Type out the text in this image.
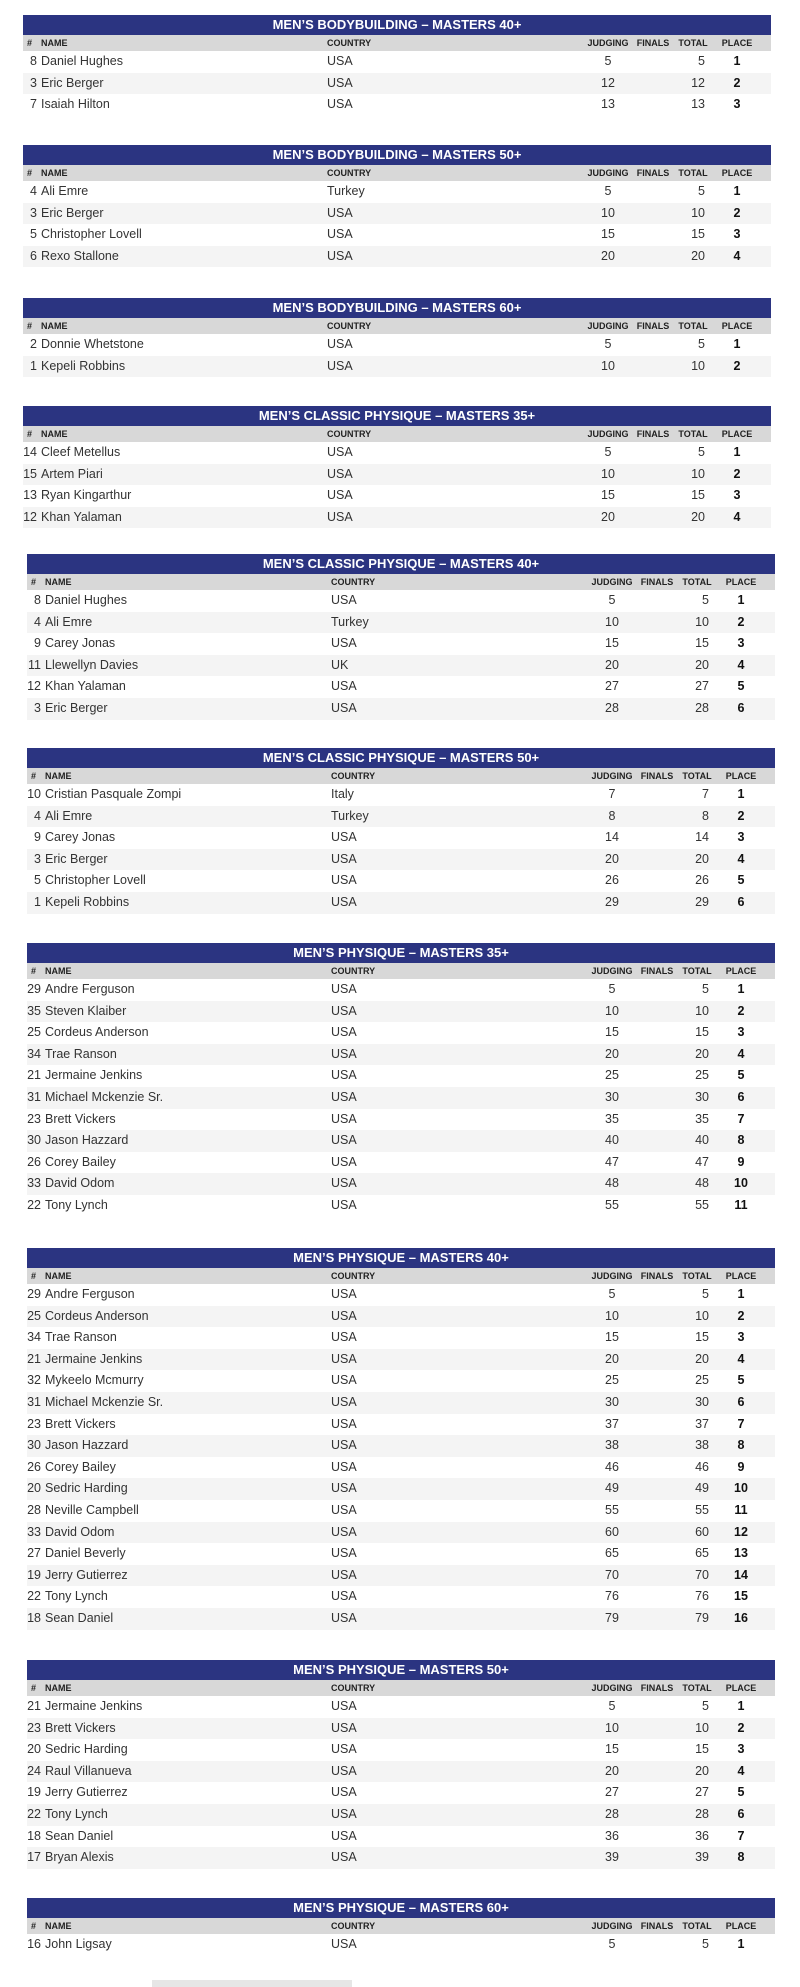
MEN’S BODYBUILDING – MASTERS 40+
# NAME	COUNTRY	JUDGING FINALS	TOTAL	PLACE
8 Daniel Hughes	USA	5	5	1
3 Eric Berger	USA	12	12	2
7 Isaiah Hilton	USA	13	13	3
MEN’S BODYBUILDING – MASTERS 50+
# NAME	COUNTRY	JUDGING FINALS	TOTAL	PLACE
4 Ali Emre	Turkey	5	5	1
3 Eric Berger	USA	10	10	2
5 Christopher Lovell	USA	15	15	3
6 Rexo Stallone	USA	20	20	4
MEN’S BODYBUILDING – MASTERS 60+
# NAME	COUNTRY	JUDGING FINALS	TOTAL	PLACE
2 Donnie Whetstone	USA	5	5	1
1 Kepeli Robbins	USA	10	10	2
MEN’S CLASSIC PHYSIQUE – MASTERS 35+
# NAME	COUNTRY	JUDGING FINALS	TOTAL	PLACE
14 Cleef Metellus	USA	5	5	1
15 Artem Piari	USA	10	10	2
13 Ryan Kingarthur	USA	15	15	3
12 Khan Yalaman	USA	20	20	4
MEN’S CLASSIC PHYSIQUE – MASTERS 40+
# NAME	COUNTRY	JUDGING FINALS	TOTAL	PLACE
8 Daniel Hughes	USA	5	5	1
4 Ali Emre	Turkey	10	10	2
9 Carey Jonas	USA	15	15	3
11 Llewellyn Davies	UK	20	20	4
12 Khan Yalaman	USA	27	27	5
3 Eric Berger	USA	28	28	6
MEN’S CLASSIC PHYSIQUE – MASTERS 50+
# NAME	COUNTRY	JUDGING FINALS	TOTAL	PLACE
10 Cristian Pasquale Zompi	Italy	7	7	1
4 Ali Emre	Turkey	8	8	2
9 Carey Jonas	USA	14	14	3
3 Eric Berger	USA	20	20	4
5 Christopher Lovell	USA	26	26	5
1 Kepeli Robbins	USA	29	29	6
MEN’S PHYSIQUE – MASTERS 35+
# NAME	COUNTRY	JUDGING FINALS	TOTAL	PLACE
29 Andre Ferguson	USA	5	5	1
35 Steven Klaiber	USA	10	10	2
25 Cordeus Anderson	USA	15	15	3
34 Trae Ranson	USA	20	20	4
21 Jermaine Jenkins	USA	25	25	5
31 Michael Mckenzie Sr.	USA	30	30	6
23 Brett Vickers	USA	35	35	7
30 Jason Hazzard	USA	40	40	8
26 Corey Bailey	USA	47	47	9
33 David Odom	USA	48	48	10
22 Tony Lynch	USA	55	55	11
MEN’S PHYSIQUE – MASTERS 40+
# NAME	COUNTRY	JUDGING FINALS	TOTAL	PLACE
29 Andre Ferguson	USA	5	5	1
25 Cordeus Anderson	USA	10	10	2
34 Trae Ranson	USA	15	15	3
21 Jermaine Jenkins	USA	20	20	4
32 Mykeelo Mcmurry	USA	25	25	5
31 Michael Mckenzie Sr.	USA	30	30	6
23 Brett Vickers	USA	37	37	7
30 Jason Hazzard	USA	38	38	8
26 Corey Bailey	USA	46	46	9
20 Sedric Harding	USA	49	49	10
28 Neville Campbell	USA	55	55	11
33 David Odom	USA	60	60	12
27 Daniel Beverly	USA	65	65	13
19 Jerry Gutierrez	USA	70	70	14
22 Tony Lynch	USA	76	76	15
18 Sean Daniel	USA	79	79	16
MEN’S PHYSIQUE – MASTERS 50+
# NAME	COUNTRY	JUDGING FINALS	TOTAL	PLACE
21 Jermaine Jenkins	USA	5	5	1
23 Brett Vickers	USA	10	10	2
20 Sedric Harding	USA	15	15	3
24 Raul Villanueva	USA	20	20	4
19 Jerry Gutierrez	USA	27	27	5
22 Tony Lynch	USA	28	28	6
18 Sean Daniel	USA	36	36	7
17 Bryan Alexis	USA	39	39	8
MEN’S PHYSIQUE – MASTERS 60+
# NAME	COUNTRY	JUDGING FINALS	TOTAL	PLACE
16 John Ligsay	USA	5	5	1
